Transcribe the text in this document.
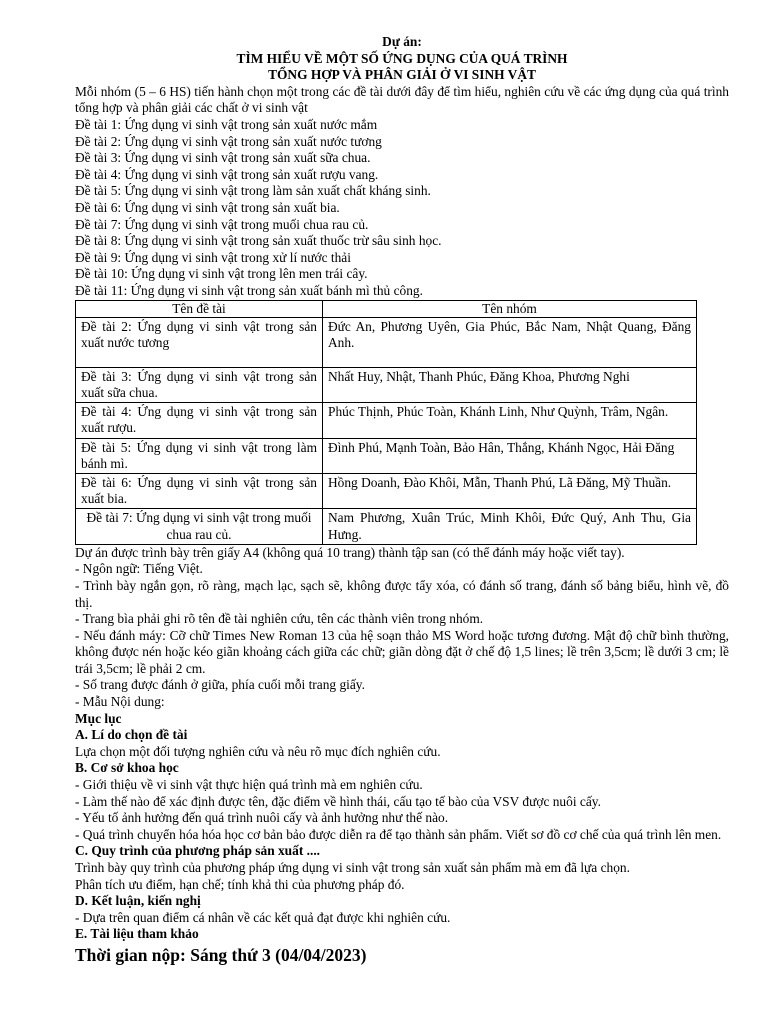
Dự án:
TÌM HIỂU VỀ MỘT SỐ ỨNG DỤNG CỦA QUÁ TRÌNH
TỔNG HỢP VÀ PHÂN GIẢI Ở VI SINH VẬT
Mỗi nhóm (5 – 6 HS) tiến hành chọn một trong các đề tài dưới đây để tìm hiểu, nghiên cứu về các ứng dụng của quá trình tổng hợp và phân giải các chất ở vi sinh vật
Đề tài 1: Ứng dụng vi sinh vật trong sản xuất nước mắm
Đề tài 2: Ứng dụng vi sinh vật trong sản xuất nước tương
Đề tài 3: Ứng dụng vi sinh vật trong sản xuất sữa chua.
Đề tài 4: Ứng dụng vi sinh vật trong sản xuất rượu vang.
Đề tài 5: Ứng dụng vi sinh vật trong làm sản xuất chất kháng sinh.
Đề tài 6: Ứng dụng vi sinh vật trong sản xuất bia.
Đề tài 7: Ứng dụng vi sinh vật trong muối chua rau củ.
Đề tài 8: Ứng dụng vi sinh vật trong sản xuất thuốc trừ sâu sinh học.
Đề tài 9: Ứng dụng vi sinh vật trong xử lí nước thải
Đề tài 10: Ứng dụng vi sinh vật trong lên men trái cây.
Đề tài 11: Ứng dụng vi sinh vật trong sản xuất bánh mì thủ công.
Tên đề tài	Tên nhóm
Đề tài 2: Ứng dụng vi sinh vật trong sản xuất nước tương	Đức An, Phương Uyên, Gia Phúc, Bắc Nam, Nhật Quang, Đăng Anh.
Đề tài 3: Ứng dụng vi sinh vật trong sản xuất sữa chua.	Nhất Huy, Nhật, Thanh Phúc, Đăng Khoa, Phương Nghi
Đề tài 4: Ứng dụng vi sinh vật trong sản xuất rượu.	Phúc Thịnh, Phúc Toàn, Khánh Linh, Như Quỳnh, Trâm, Ngân.
Đề tài 5: Ứng dụng vi sinh vật trong làm bánh mì.	Đình Phú, Mạnh Toàn, Bảo Hân, Thắng, Khánh Ngọc, Hải Đăng
Đề tài 6: Ứng dụng vi sinh vật trong sản xuất bia.	Hồng Doanh, Đào Khôi, Mẫn, Thanh Phú, Lã Đăng, Mỹ Thuần.
Đề tài 7: Ứng dụng vi sinh vật trong muối chua rau củ.	Nam Phương, Xuân Trúc, Minh Khôi, Đức Quý, Anh Thu, Gia Hưng.
Dự án được trình bày trên giấy A4 (không quá 10 trang) thành tập san (có thể đánh máy hoặc viết tay).
- Ngôn ngữ: Tiếng Việt.
- Trình bày ngắn gọn, rõ ràng, mạch lạc, sạch sẽ, không được tẩy xóa, có đánh số trang, đánh số bảng biểu, hình vẽ, đồ thị.
- Trang bìa phải ghi rõ tên đề tài nghiên cứu, tên các thành viên trong nhóm.
- Nếu đánh máy: Cỡ chữ Times New Roman 13 của hệ soạn thảo MS Word hoặc tương đương. Mật độ chữ bình thường, không được nén hoặc kéo giãn khoảng cách giữa các chữ; giãn dòng đặt ở chế độ 1,5 lines; lề trên 3,5cm; lề dưới 3 cm; lề trái 3,5cm; lề phải 2 cm.
- Số trang được đánh ở giữa, phía cuối mỗi trang giấy.
- Mẫu Nội dung:
Mục lục
A. Lí do chọn đề tài
Lựa chọn một đối tượng nghiên cứu và nêu rõ mục đích nghiên cứu.
B. Cơ sở khoa học
- Giới thiệu về vi sinh vật thực hiện quá trình mà em nghiên cứu.
- Làm thế nào để xác định được tên, đặc điểm về hình thái, cấu tạo tế bào của VSV được nuôi cấy.
- Yếu tố ảnh hưởng đến quá trình nuôi cấy và ảnh hưởng như thế nào.
- Quá trình chuyển hóa hóa học cơ bản bảo được diễn ra để tạo thành sản phẩm. Viết sơ đồ cơ chế của quá trình lên men.
C. Quy trình của phương pháp sản xuất ....
Trình bày quy trình của phương pháp ứng dụng vi sinh vật trong sản xuất sản phẩm mà em đã lựa chọn.
Phân tích ưu điểm, hạn chế; tính khả thi của phương pháp đó.
D. Kết luận, kiến nghị
- Dựa trên quan điểm cá nhân về các kết quả đạt được khi nghiên cứu.
E. Tài liệu tham khảo
Thời gian nộp: Sáng thứ 3 (04/04/2023)
